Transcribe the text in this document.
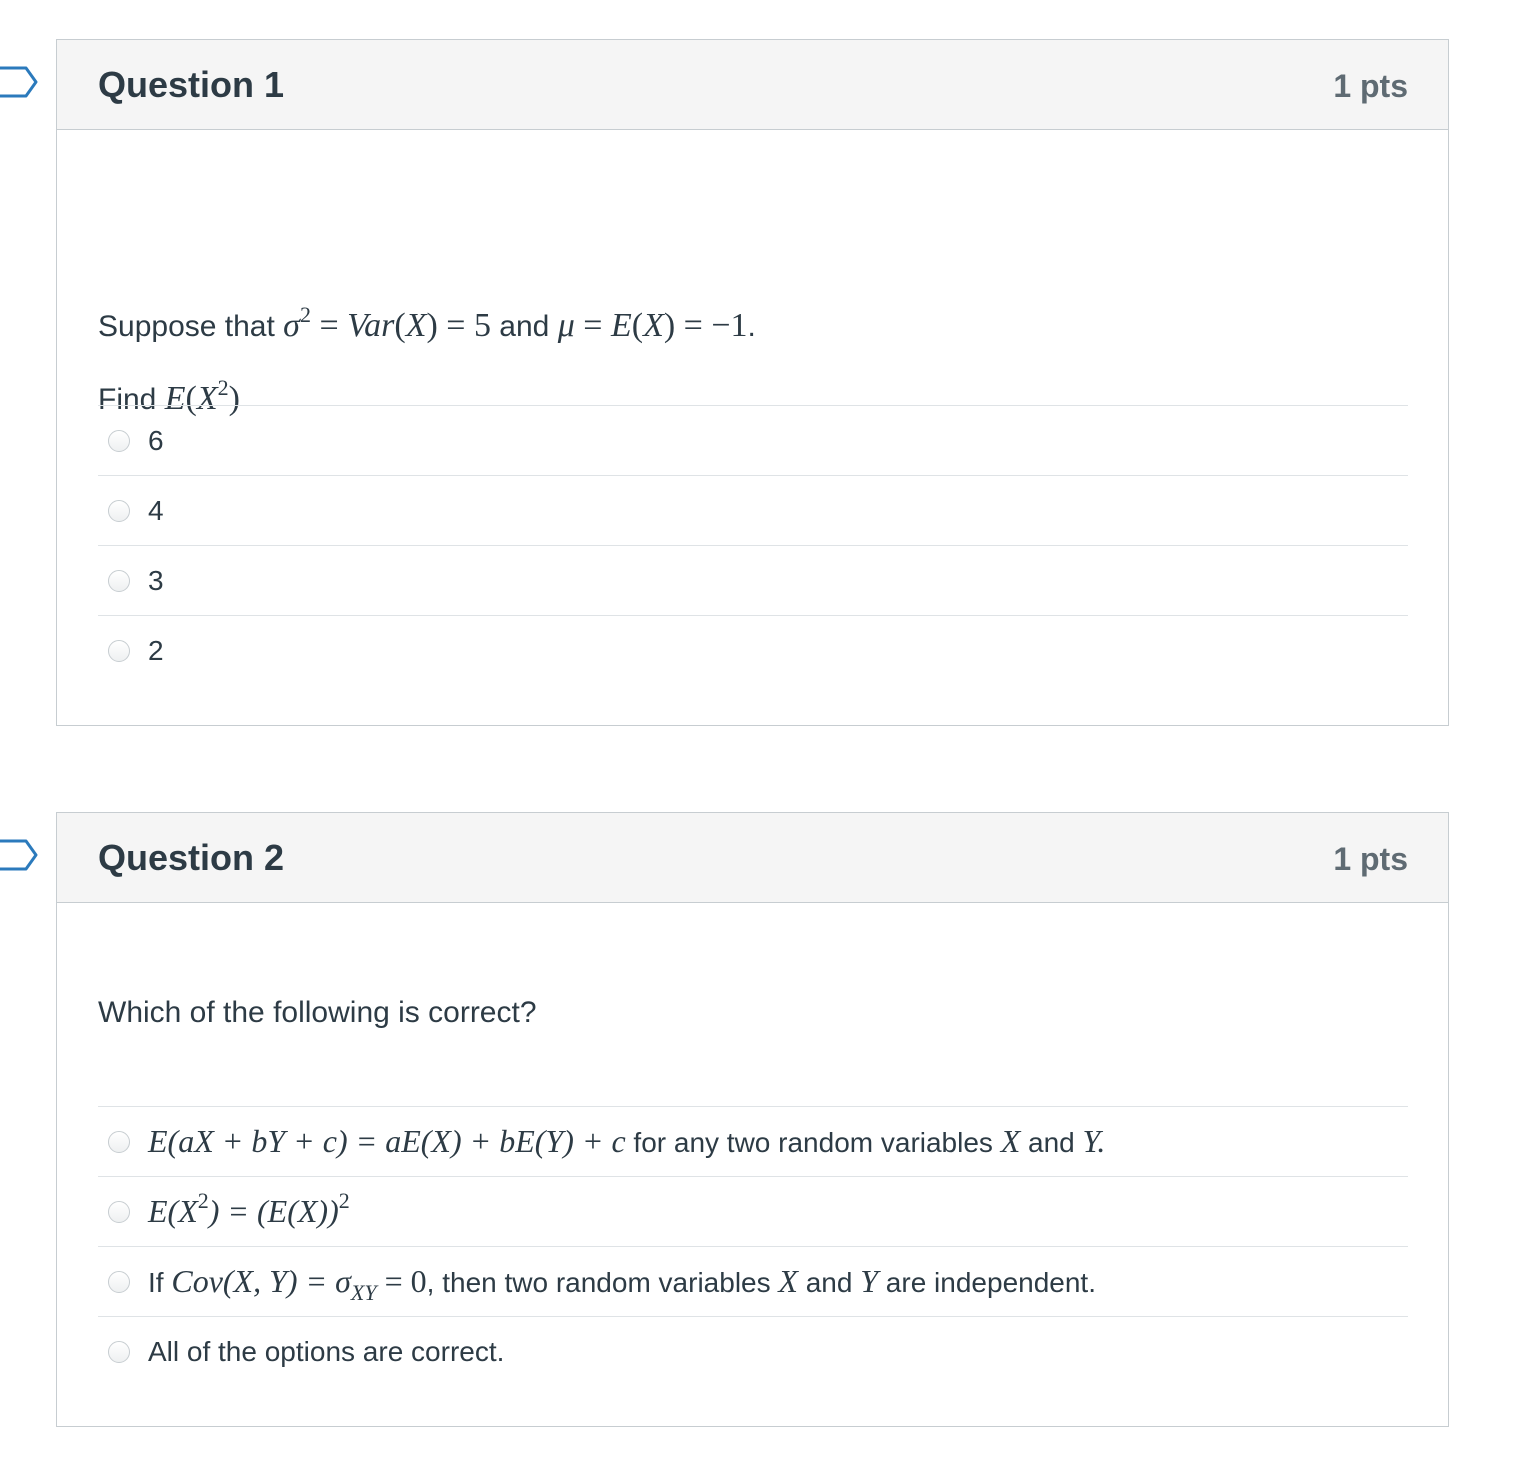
Question 1	1 pts
Suppose that $\sigma^2 = Var(X) = 5$ and μ = E(X) = −1.
Find $E(X^2)$
6
4
3
2
Question 2	1 pts
Which of the following is correct?
E(aX + bY + c) = aE(X) + bE(Y) + c for any two random variables X and Y.
$E(X^2) = (E(X))^2$
If Cov(X, $Y) = \sigma_{XY} = 0$, then two random variables X and Y are independent.
All of the options are correct.
